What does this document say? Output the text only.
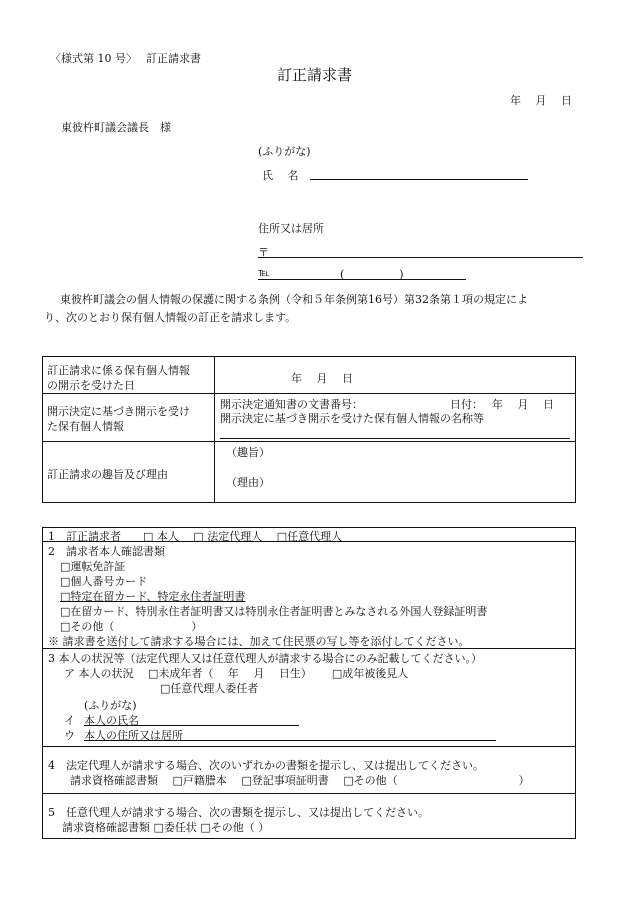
〈様式第 10 号〉　 訂正請求書
訂正請求書
年　 月　 日
東彼杵町議会議長　様
(ふりがな)
氏　 名
住所又は居所
〒
℡	(　　　　　)
東彼杵町議会の個人情報の保護に関する条例（令和５年条例第16号）第32条第１項の規定によ
り、次のとおり保有個人情報の訂正を請求します。
訂正請求に係る保有個人情報
の開示を受けた日
年　 月　 日
開示決定に基づき開示を受け
た保有個人情報
開示決定通知書の文書番号：	日付：　 年　 月　 日
開示決定に基づき開示を受けた保有個人情報の名称等
訂正請求の趣旨及び理由
（趣旨）
（理由）
1　訂正請求者　　□ 本人　 □ 法定代理人　 □任意代理人
2　請求者本人確認書類
□運転免許証
□個人番号カード
□特定在留カード、特定永住者証明書
□在留カード、特別永住者証明書又は特別永住者証明書とみなされる外国人登録証明書
□その他（　　　　　　　）
※ 請求書を送付して請求する場合には、加えて住民票の写し等を添付してください。
3 本人の状況等（法定代理人又は任意代理人が請求する場合にのみ記載してください。）
ア 本人の状況　 □未成年者（　 年　 月　 日生）　　 □成年被後見人
□任意代理人委任者
(ふりがな)
イ 本人の氏名
ウ 本人の住所又は居所
4　法定代理人が請求する場合、次のいずれかの書類を提示し、又は提出してください。
請求資格確認書類　 □戸籍謄本　 □登記事項証明書　 □その他（　　　　　　　　　　　）
5　任意代理人が請求する場合、次の書類を提示し、又は提出してください。
請求資格確認書類 □委任状 □その他（ ）
